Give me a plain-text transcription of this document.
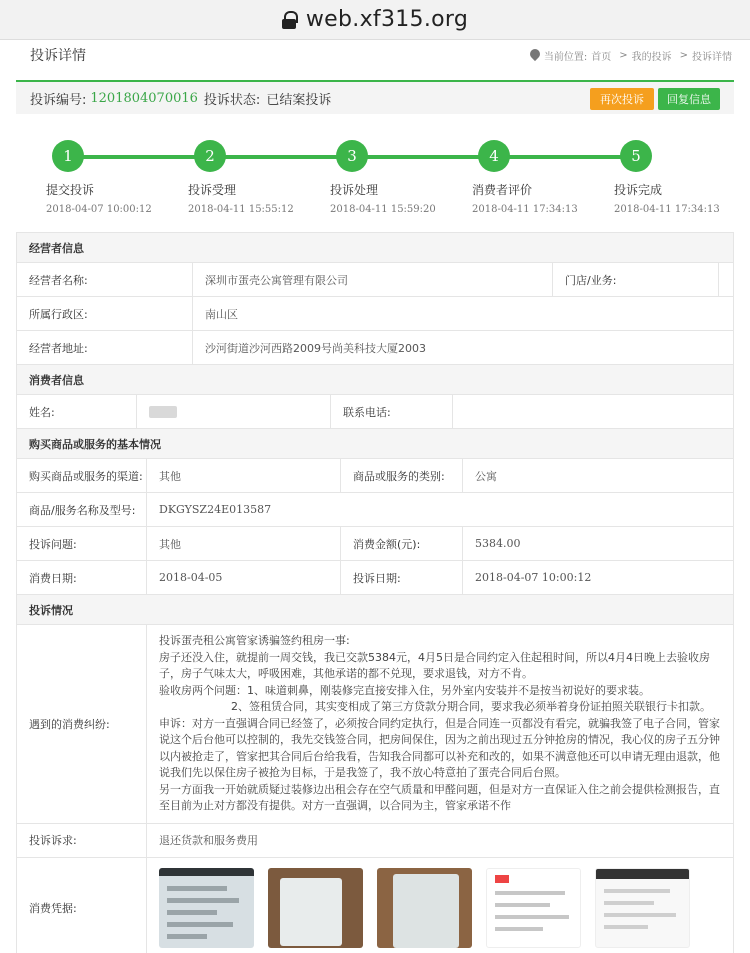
web.xf315.org
投诉详情	当前位置: 首页 > 我的投诉 > 投诉详情
投诉编号: 1201804070016 投诉状态: 已结案投诉	再次投诉	回复信息
1
提交投诉
2018-04-07 10:00:12
2
投诉受理
2018-04-11 15:55:12
3
投诉处理
2018-04-11 15:59:20
4
消费者评价
2018-04-11 17:34:13
5
投诉完成
2018-04-11 17:34:13
经营者信息
经营者名称:	深圳市蛋壳公寓管理有限公司	门店/业务:
所属行政区:	南山区
经营者地址:	沙河街道沙河西路2009号尚美科技大厦2003
消费者信息
姓名:	联系电话:
购买商品或服务的基本情况
购买商品或服务的渠道:	其他	商品或服务的类别:	公寓
商品/服务名称及型号:	DKGYSZ24E013587
投诉问题:	其他	消费金额(元):	5384.00
消费日期:	2018-04-05	投诉日期:	2018-04-07 10:00:12
投诉情况
遇到的消费纠纷:
投诉蛋壳租公寓管家诱骗签约租房一事:
房子还没入住，就提前一周交钱，我已交款5384元，4月5日是合同约定入住起租时间，所以4月4日晚上去验收房子，房子气味太大，呼吸困难，其他承诺的都不兑现，要求退钱，对方不肯。
验收房两个问题：1、味道刺鼻，刚装修完直接安排入住，另外室内安装并不是按当初说好的要求装。
2、签租赁合同，其实变相成了第三方贷款分期合同，要求我必须举着身份证拍照关联银行卡扣款。
申诉：对方一直强调合同已经签了，必须按合同约定执行，但是合同连一页都没有看完，就骗我签了电子合同，管家说这个后台他可以控制的，我先交钱签合同，把房间保住，因为之前出现过五分钟抢房的情况，我心仪的房子五分钟以内被抢走了，管家把其合同后台给我看，告知我合同都可以补充和改的，如果不满意他还可以申请无理由退款，他说我们先以保住房子被抢为目标，于是我签了，我不放心特意拍了蛋壳合同后台照。
另一方面我一开始就质疑过装修边出租会存在空气质量和甲醛问题，但是对方一直保证入住之前会提供检测报告，直至目前为止对方都没有提供。对方一直强调，以合同为主，管家承诺不作
投诉诉求:	退还货款和服务费用
消费凭据:
